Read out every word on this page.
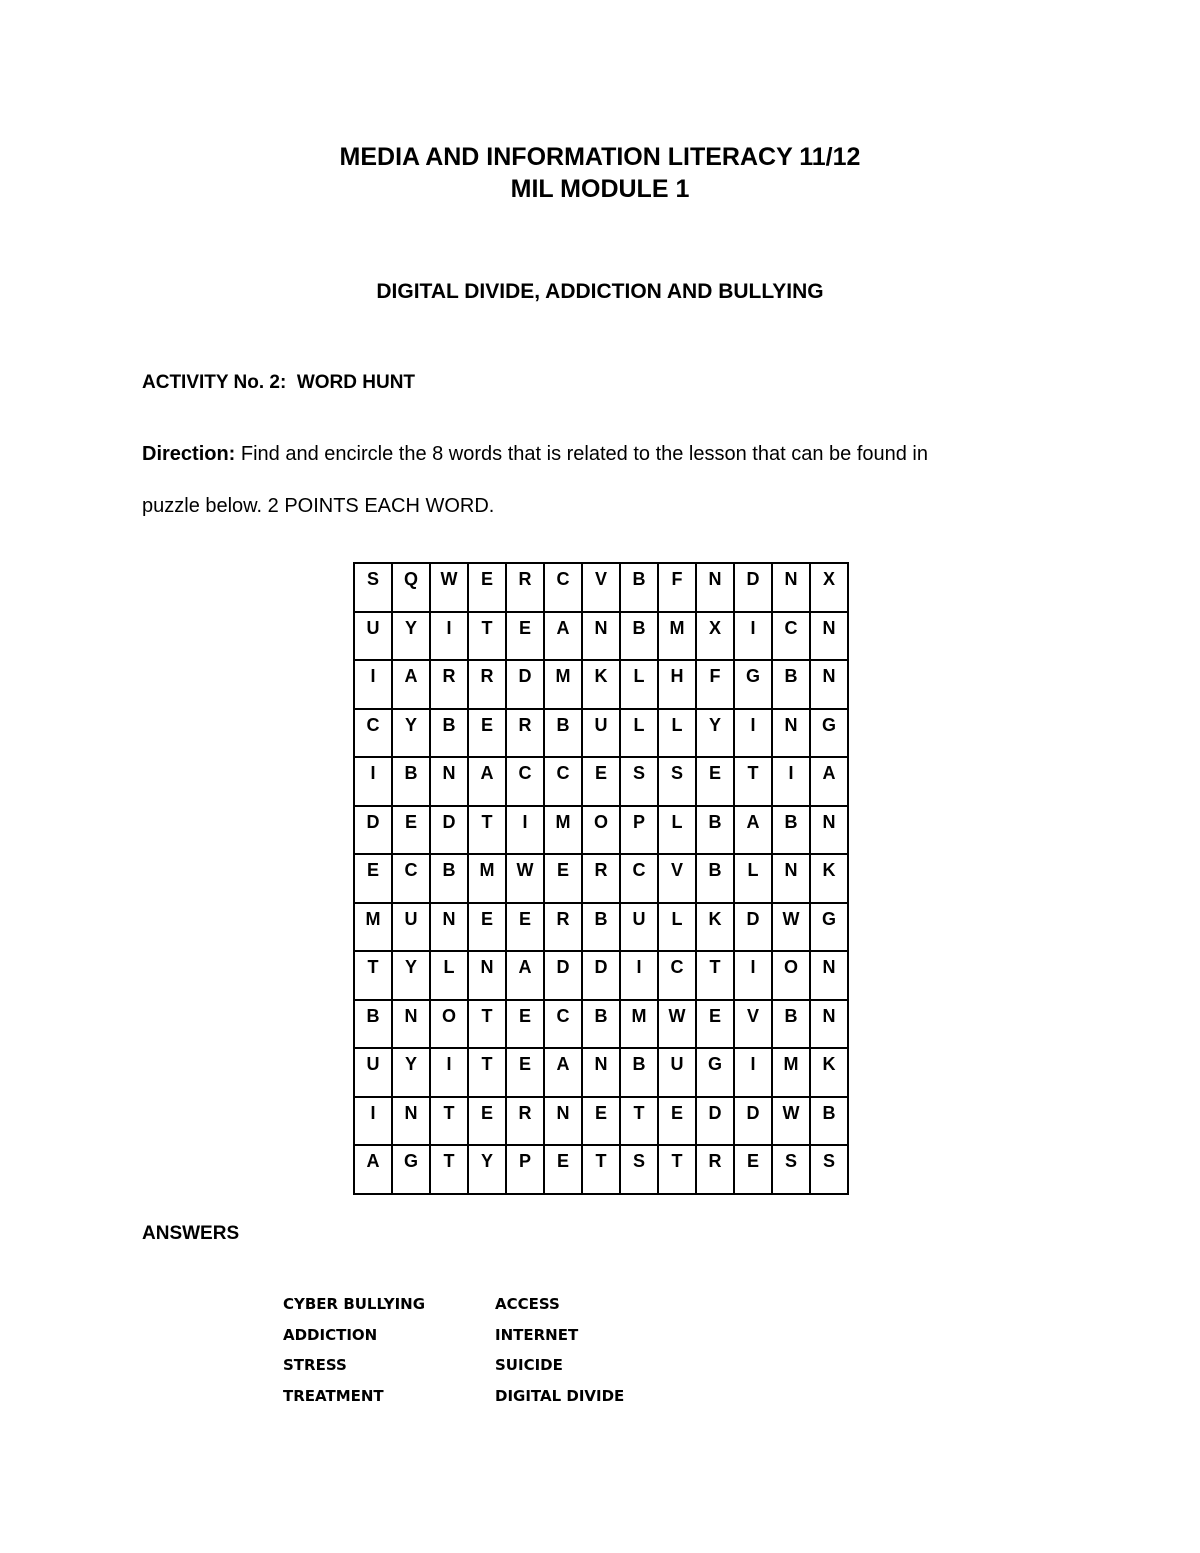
MEDIA AND INFORMATION LITERACY 11/12
MIL MODULE 1
DIGITAL DIVIDE, ADDICTION AND BULLYING
ACTIVITY No. 2:  WORD HUNT
Direction: Find and encircle the 8 words that is related to the lesson that can be found in
puzzle below. 2 POINTS EACH WORD.
S	Q	W	E	R	C	V	B	F	N	D	N	X
U	Y	I	T	E	A	N	B	M	X	I	C	N
I	A	R	R	D	M	K	L	H	F	G	B	N
C	Y	B	E	R	B	U	L	L	Y	I	N	G
I	B	N	A	C	C	E	S	S	E	T	I	A
D	E	D	T	I	M	O	P	L	B	A	B	N
E	C	B	M	W	E	R	C	V	B	L	N	K
M	U	N	E	E	R	B	U	L	K	D	W	G
T	Y	L	N	A	D	D	I	C	T	I	O	N
B	N	O	T	E	C	B	M	W	E	V	B	N
U	Y	I	T	E	A	N	B	U	G	I	M	K
I	N	T	E	R	N	E	T	E	D	D	W	B
A	G	T	Y	P	E	T	S	T	R	E	S	S
ANSWERS
CYBER BULLYING
ADDICTION
STRESS
TREATMENT
ACCESS
INTERNET
SUICIDE
DIGITAL DIVIDE
